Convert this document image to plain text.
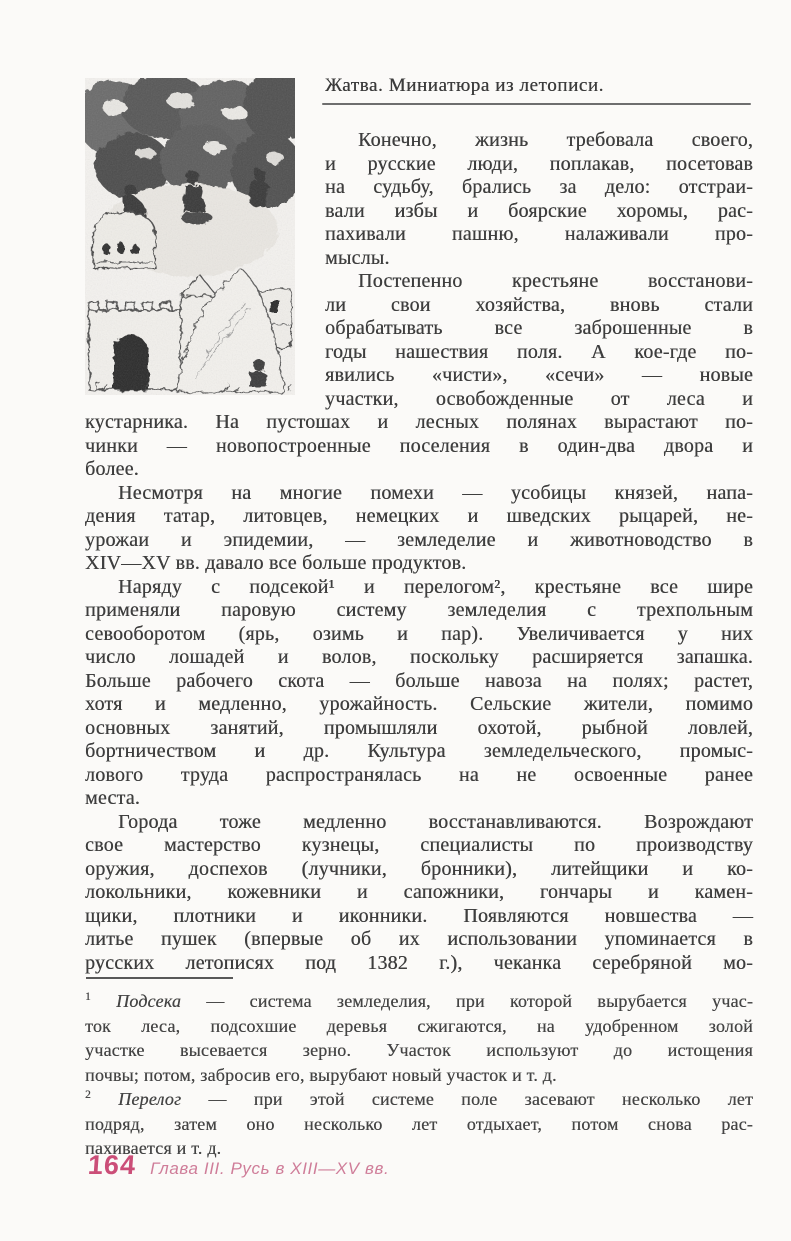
Жатва. Миниатюра из летописи.
Конечно, жизнь требовала своего,
и русские люди, поплакав, посетовав
на судьбу, брались за дело: отстраи-
вали избы и боярские хоромы, рас-
пахивали пашню, налаживали про-
мыслы.
Постепенно крестьяне восстанови-
ли свои хозяйства, вновь стали
обрабатывать все заброшенные в
годы нашествия поля. А кое-где по-
явились «чисти», «сечи» — новые
участки, освобожденные от леса и
кустарника. На пустошах и лесных полянах вырастают по-
чинки — новопостроенные поселения в один-два двора и
более.
Несмотря на многие помехи — усобицы князей, напа-
дения татар, литовцев, немецких и шведских рыцарей, не-
урожаи и эпидемии, — земледелие и животноводство в
XIV—XV вв. давало все больше продуктов.
Наряду с подсекой¹ и перелогом², крестьяне все шире
применяли паровую систему земледелия с трехпольным
севооборотом (ярь, озимь и пар). Увеличивается у них
число лошадей и волов, поскольку расширяется запашка.
Больше рабочего скота — больше навоза на полях; растет,
хотя и медленно, урожайность. Сельские жители, помимо
основных занятий, промышляли охотой, рыбной ловлей,
бортничеством и др. Культура земледельческого, промыс-
лового труда распространялась на не освоенные ранее
места.
Города тоже медленно восстанавливаются. Возрождают
свое мастерство кузнецы, специалисты по производству
оружия, доспехов (лучники, бронники), литейщики и ко-
локольники, кожевники и сапожники, гончары и камен-
щики, плотники и иконники. Появляются новшества —
литье пушек (впервые об их использовании упоминается в
русских летописях под 1382 г.), чеканка серебряной мо-
$^1$ Подсека — система земледелия, при которой вырубается учас-
ток леса, подсохшие деревья сжигаются, на удобренном золой
участке высевается зерно. Участок используют до истощения
почвы; потом, забросив его, вырубают новый участок и т. д.
$^2$ Перелог — при этой системе поле засевают несколько лет
подряд, затем оно несколько лет отдыхает, потом снова рас-
пахивается и т. д.
164 Глава III. Русь в XIII—XV вв.
